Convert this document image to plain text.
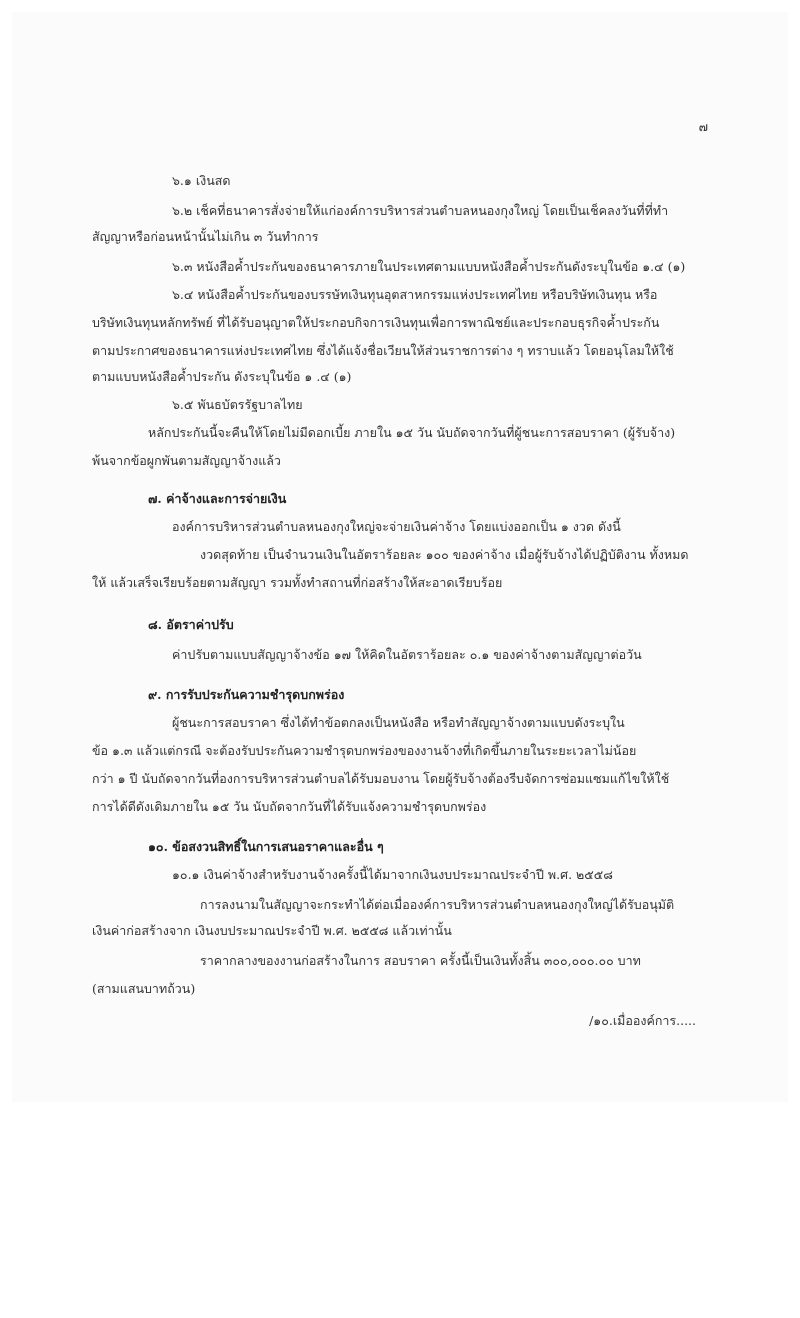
๗
๖.๑ เงินสด
๖.๒ เช็คที่ธนาคารสั่งจ่ายให้แก่องค์การบริหารส่วนตำบลหนองกุงใหญ่ โดยเป็นเช็คลงวันที่ที่ทำ
สัญญาหรือก่อนหน้านั้นไม่เกิน ๓ วันทำการ
๖.๓ หนังสือค้ำประกันของธนาคารภายในประเทศตามแบบหนังสือค้ำประกันดังระบุในข้อ ๑.๔ (๑)
๖.๔ หนังสือค้ำประกันของบรรษัทเงินทุนอุตสาหกรรมแห่งประเทศไทย หรือบริษัทเงินทุน หรือ
บริษัทเงินทุนหลักทรัพย์ ที่ได้รับอนุญาตให้ประกอบกิจการเงินทุนเพื่อการพาณิชย์และประกอบธุรกิจค้ำประกัน
ตามประกาศของธนาคารแห่งประเทศไทย ซึ่งได้แจ้งชื่อเวียนให้ส่วนราชการต่าง ๆ ทราบแล้ว โดยอนุโลมให้ใช้
ตามแบบหนังสือค้ำประกัน ดังระบุในข้อ ๑ .๔ (๑)
๖.๕ พันธบัตรรัฐบาลไทย
หลักประกันนี้จะคืนให้โดยไม่มีดอกเบี้ย ภายใน ๑๕ วัน นับถัดจากวันที่ผู้ชนะการสอบราคา (ผู้รับจ้าง)
พ้นจากข้อผูกพันตามสัญญาจ้างแล้ว
๗. ค่าจ้างและการจ่ายเงิน
องค์การบริหารส่วนตำบลหนองกุงใหญ่จะจ่ายเงินค่าจ้าง โดยแบ่งออกเป็น ๑ งวด ดังนี้
งวดสุดท้าย เป็นจำนวนเงินในอัตราร้อยละ ๑๐๐ ของค่าจ้าง เมื่อผู้รับจ้างได้ปฏิบัติงาน ทั้งหมด
ให้ แล้วเสร็จเรียบร้อยตามสัญญา รวมทั้งทำสถานที่ก่อสร้างให้สะอาดเรียบร้อย
๘. อัตราค่าปรับ
ค่าปรับตามแบบสัญญาจ้างข้อ ๑๗ ให้คิดในอัตราร้อยละ ๐.๑ ของค่าจ้างตามสัญญาต่อวัน
๙. การรับประกันความชำรุดบกพร่อง
ผู้ชนะการสอบราคา ซึ่งได้ทำข้อตกลงเป็นหนังสือ หรือทำสัญญาจ้างตามแบบดังระบุใน
ข้อ ๑.๓ แล้วแต่กรณี จะต้องรับประกันความชำรุดบกพร่องของงานจ้างที่เกิดขึ้นภายในระยะเวลาไม่น้อย
กว่า ๑ ปี นับถัดจากวันที่องการบริหารส่วนตำบลได้รับมอบงาน โดยผู้รับจ้างต้องรีบจัดการซ่อมแซมแก้ไขให้ใช้
การได้ดีดังเดิมภายใน ๑๕ วัน นับถัดจากวันที่ได้รับแจ้งความชำรุดบกพร่อง
๑๐. ข้อสงวนสิทธิ์ในการเสนอราคาและอื่น ๆ
๑๐.๑ เงินค่าจ้างสำหรับงานจ้างครั้งนี้ได้มาจากเงินงบประมาณประจำปี พ.ศ. ๒๕๕๘
การลงนามในสัญญาจะกระทำได้ต่อเมื่อองค์การบริหารส่วนตำบลหนองกุงใหญ่ได้รับอนุมัติ
เงินค่าก่อสร้างจาก เงินงบประมาณประจำปี พ.ศ. ๒๕๕๘ แล้วเท่านั้น
ราคากลางของงานก่อสร้างในการ สอบราคา ครั้งนี้เป็นเงินทั้งสิ้น ๓๐๐,๐๐๐.๐๐ บาท
(สามแสนบาทถ้วน)
/๑๐.เมื่อองค์การ.....
